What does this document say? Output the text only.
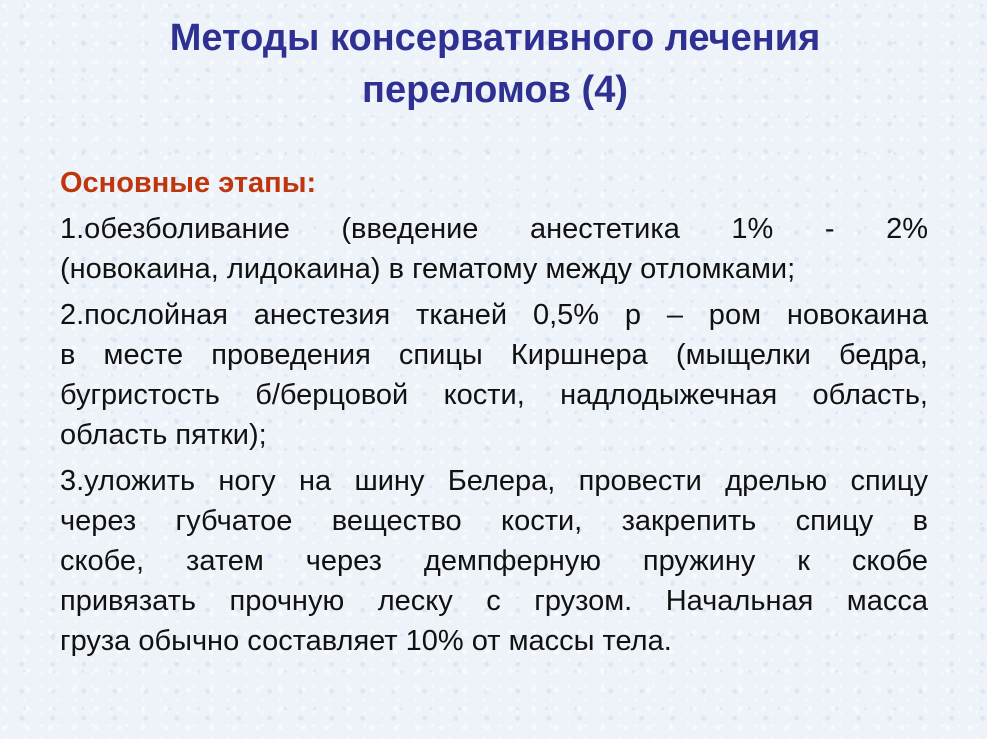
Методы консервативного лечения
переломов (4)
Основные этапы:
1.обезболивание (введение анестетика 1% - 2%
(новокаина, лидокаина) в гематому между отломками;
2.послойная анестезия тканей 0,5% р – ром новокаина
в месте проведения спицы Киршнера (мыщелки бедра,
бугристость б/берцовой кости, надлодыжечная область,
область пятки);
3.уложить ногу на шину Белера, провести дрелью спицу
через губчатое вещество кости, закрепить спицу в
скобе, затем через демпферную пружину к скобе
привязать прочную леску с грузом. Начальная масса
груза обычно составляет 10% от массы тела.
